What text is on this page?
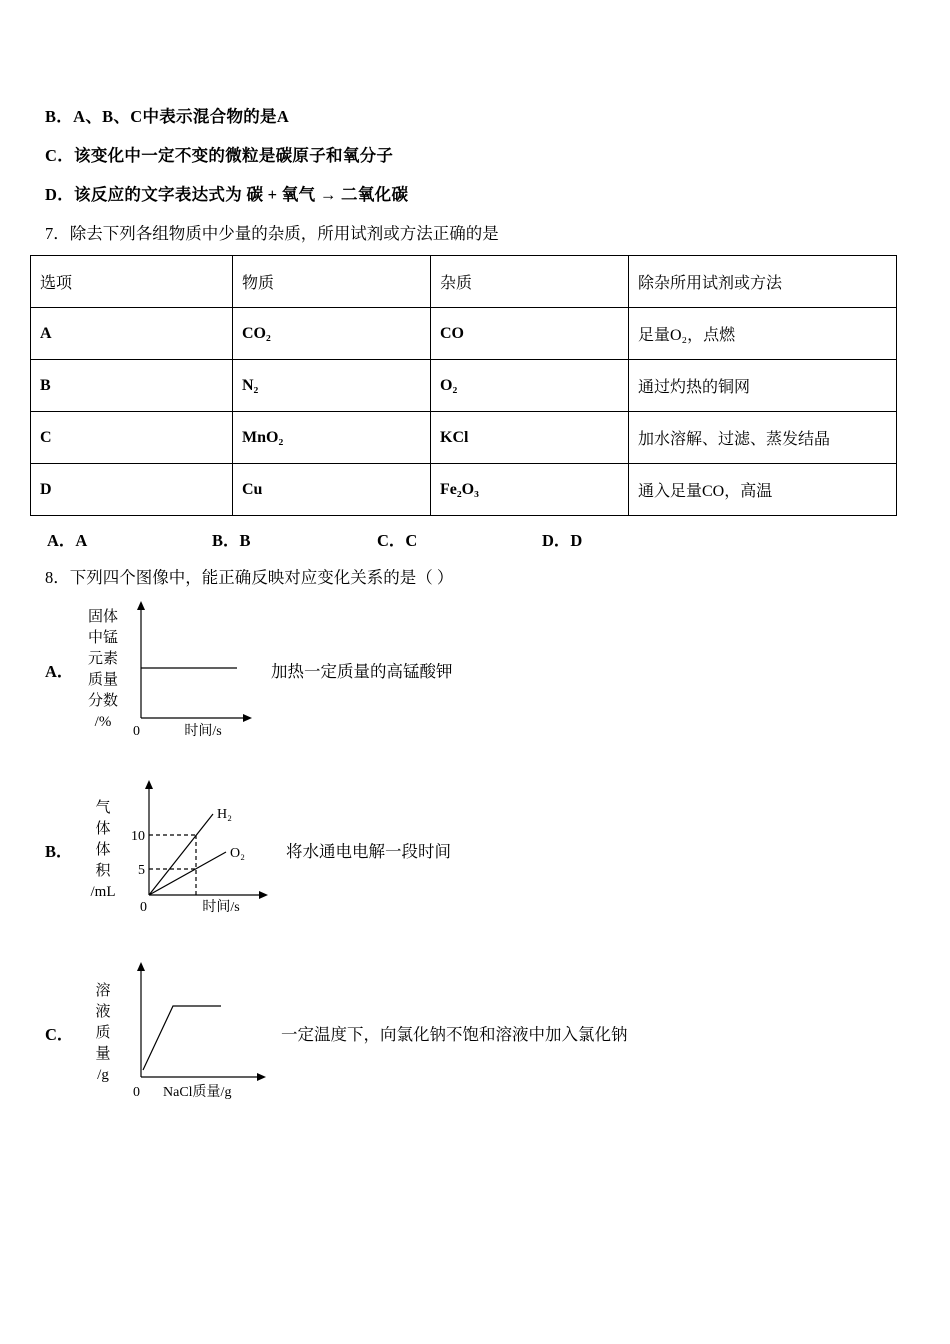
B．A、B、C中表示混合物的是A
C．该变化中一定不变的微粒是碳原子和氧分子
D．该反应的文字表达式为 碳 + 氧气 → 二氧化碳
7．除去下列各组物质中少量的杂质，所用试剂或方法正确的是
选项	物质	杂质	除杂所用试剂或方法
A	CO₂	CO	足量O₂，点燃
B	N₂	O₂	通过灼热的铜网
C	MnO₂	KCl	加水溶解、过滤、蒸发结晶
D	Cu	Fe₂O₃	通入足量CO，高温
A．A	B．B	C．C	D．D
8．下列四个图像中，能正确反映对应变化关系的是（ ）
A．
固体
中锰
元素
质量
分数
/%
0	时间/s
加热一定质量的高锰酸钾
B．
气
体
体
积
/mL
10
5
H₂
O₂
0	时间/s
将水通电电解一段时间
C．
溶
液
质
量
/g
0 NaCl质量/g
一定温度下，向氯化钠不饱和溶液中加入氯化钠
